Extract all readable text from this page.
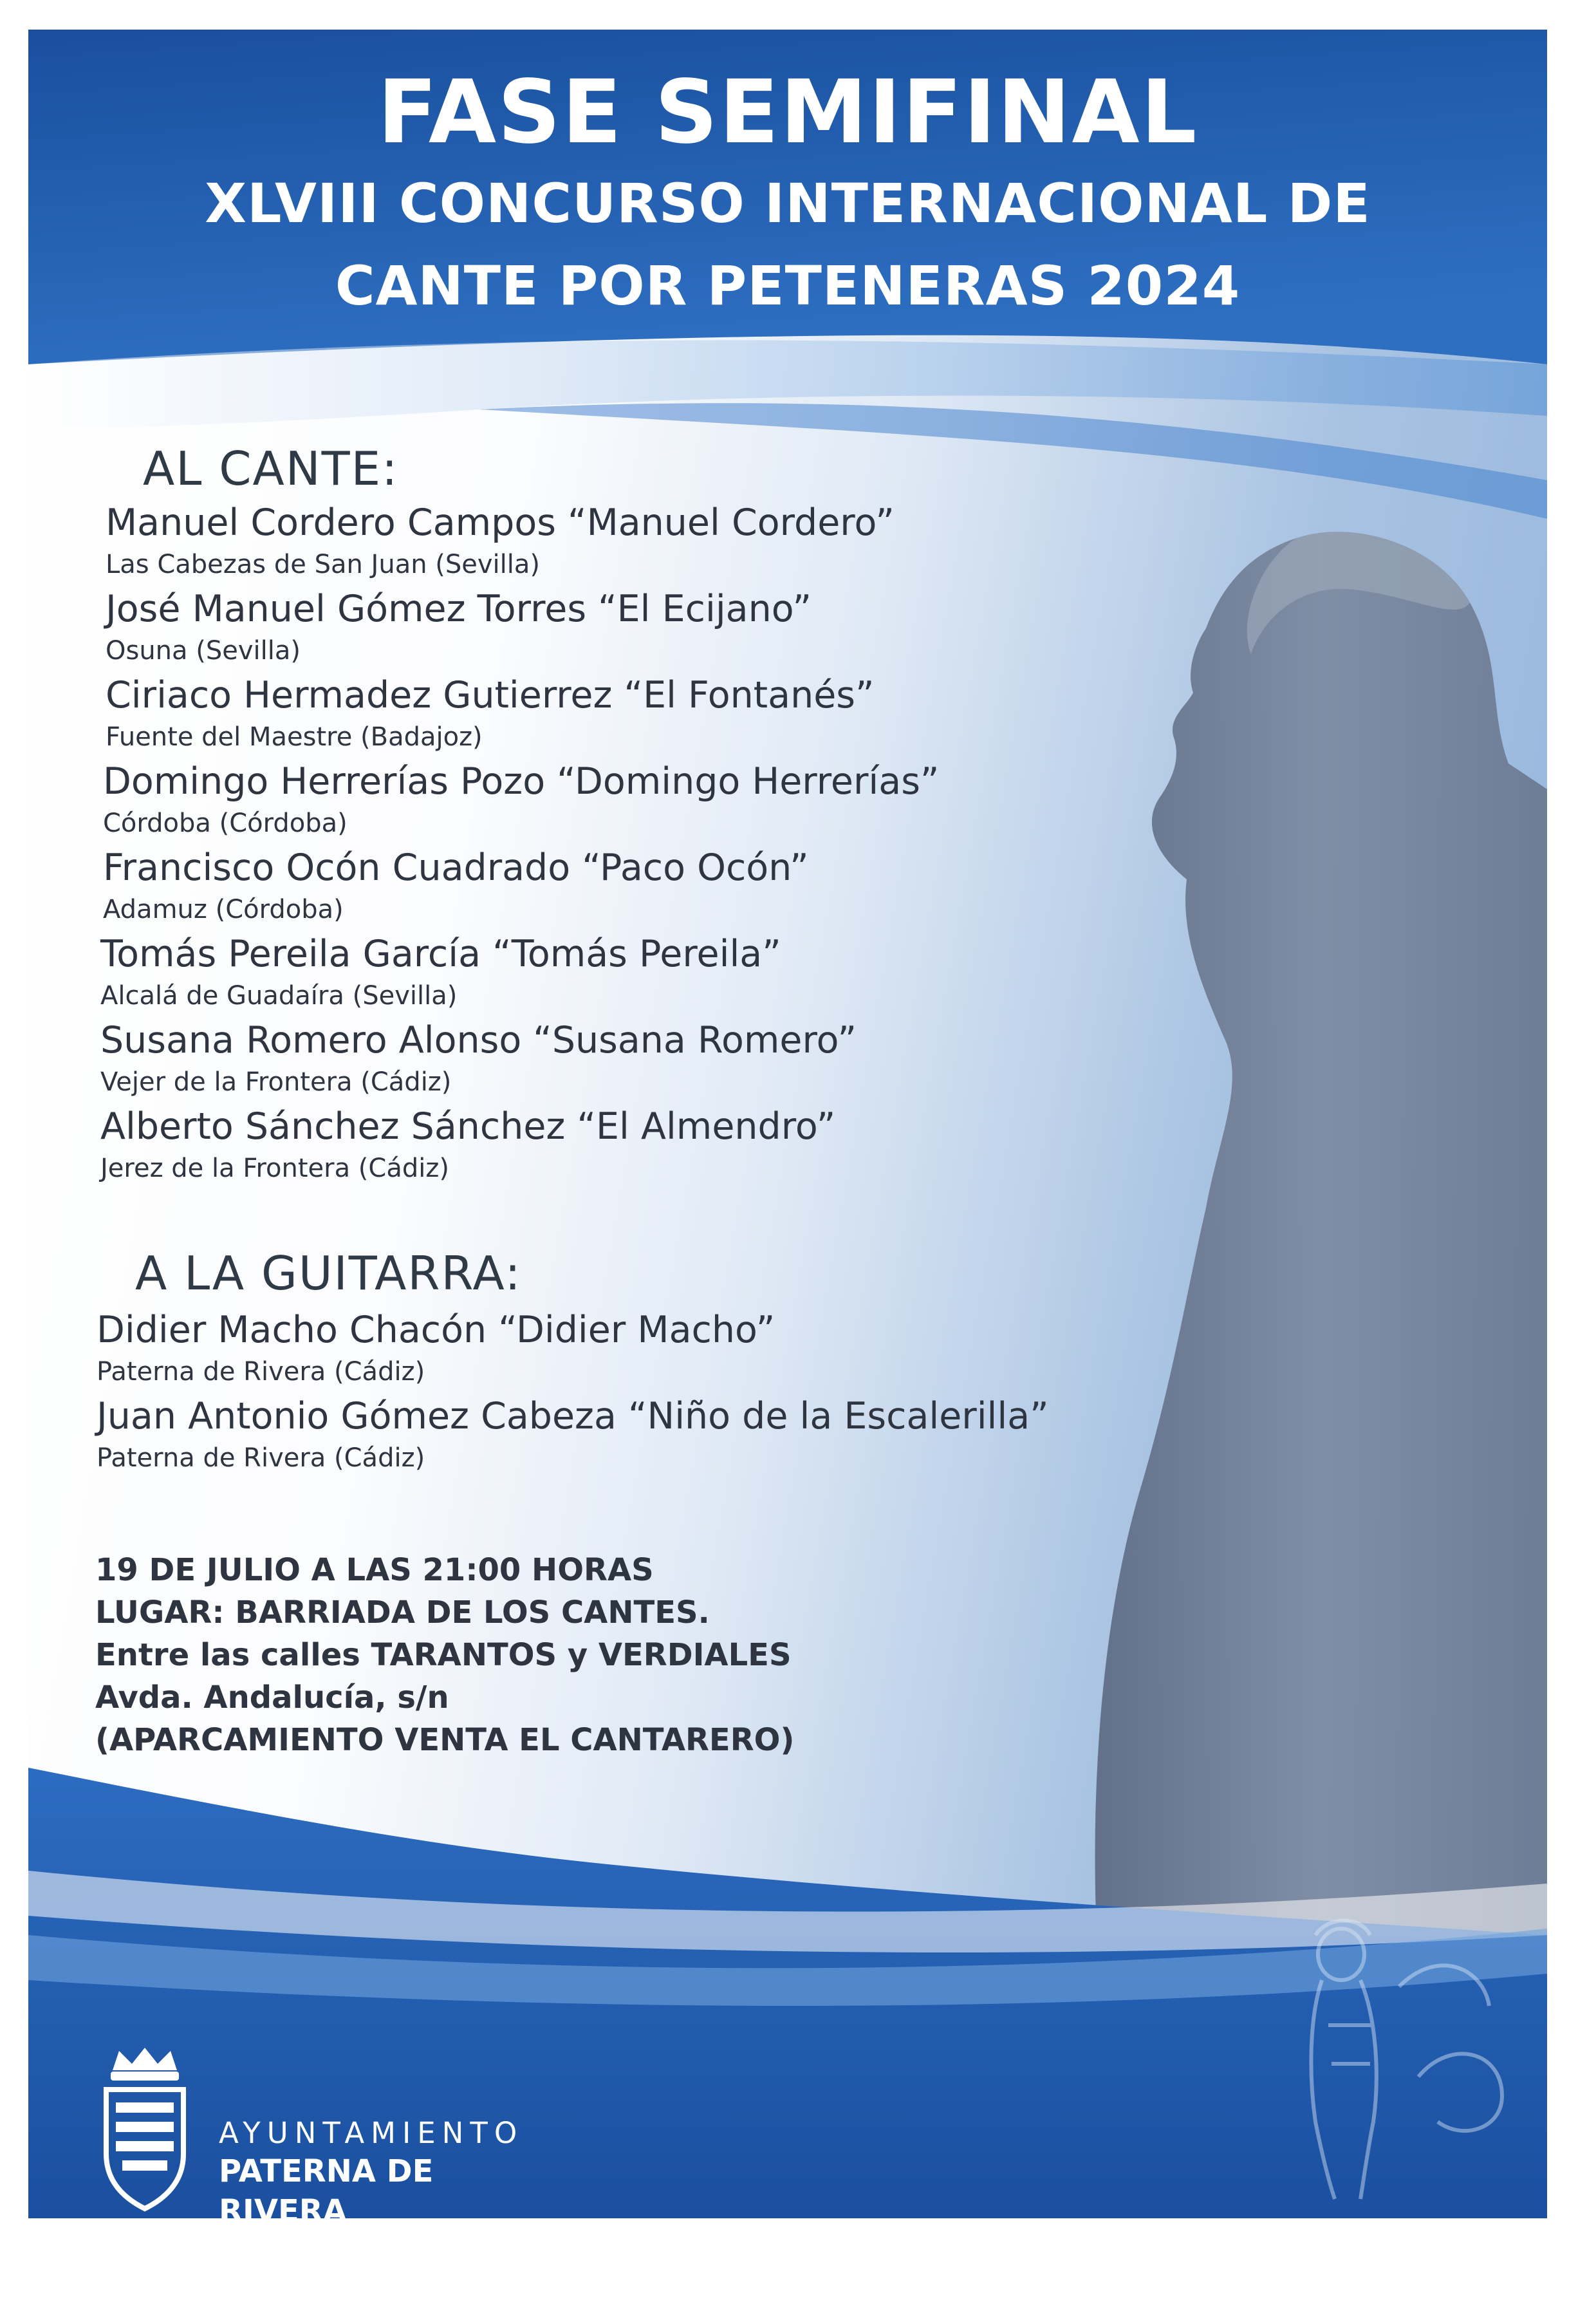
FASE SEMIFINAL
XLVIII CONCURSO INTERNACIONAL DE
CANTE POR PETENERAS 2024
AL CANTE:
Manuel Cordero Campos “Manuel Cordero”
Las Cabezas de San Juan (Sevilla)
José Manuel Gómez Torres “El Ecijano”
Osuna (Sevilla)
Ciriaco Hermadez Gutierrez “El Fontanés”
Fuente del Maestre (Badajoz)
Domingo Herrerías Pozo “Domingo Herrerías”
Córdoba (Córdoba)
Francisco Ocón Cuadrado “Paco Ocón”
Adamuz (Córdoba)
Tomás Pereila García “Tomás Pereila”
Alcalá de Guadaíra (Sevilla)
Susana Romero Alonso “Susana Romero”
Vejer de la Frontera (Cádiz)
Alberto Sánchez Sánchez “El Almendro”
Jerez de la Frontera (Cádiz)
A LA GUITARRA:
Didier Macho Chacón “Didier Macho”
Paterna de Rivera (Cádiz)
Juan Antonio Gómez Cabeza “Niño de la Escalerilla”
Paterna de Rivera (Cádiz)
19 DE JULIO A LAS 21:00 HORAS
LUGAR: BARRIADA DE LOS CANTES.
Entre las calles TARANTOS y VERDIALES
Avda. Andalucía, s/n
(APARCAMIENTO VENTA EL CANTARERO)
AYUNTAMIENTO
PATERNA DE RIVERA
DELEGACIÓN DE CULTURA
